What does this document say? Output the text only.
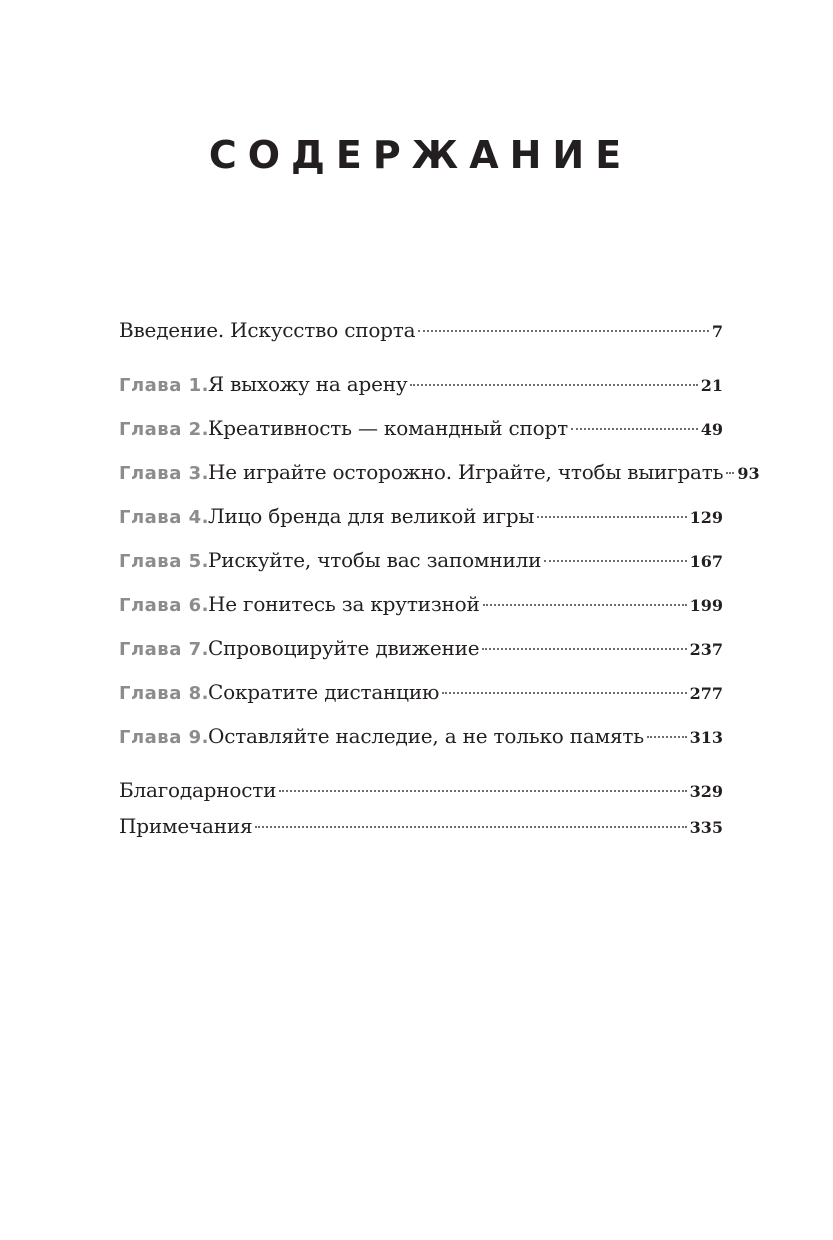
СОДЕРЖАНИЕ
Введение. Искусство спорта	7
Глава 1. Я выхожу на арену	21
Глава 2. Креативность — командный спорт	49
Глава 3. Не играйте осторожно. Играйте, чтобы выиграть 93
Глава 4. Лицо бренда для великой игры	129
Глава 5. Рискуйте, чтобы вас запомнили	167
Глава 6. Не гонитесь за крутизной	199
Глава 7. Спровоцируйте движение	237
Глава 8. Сократите дистанцию	277
Глава 9. Оставляйте наследие, а не только память	313
Благодарности	329
Примечания	335
